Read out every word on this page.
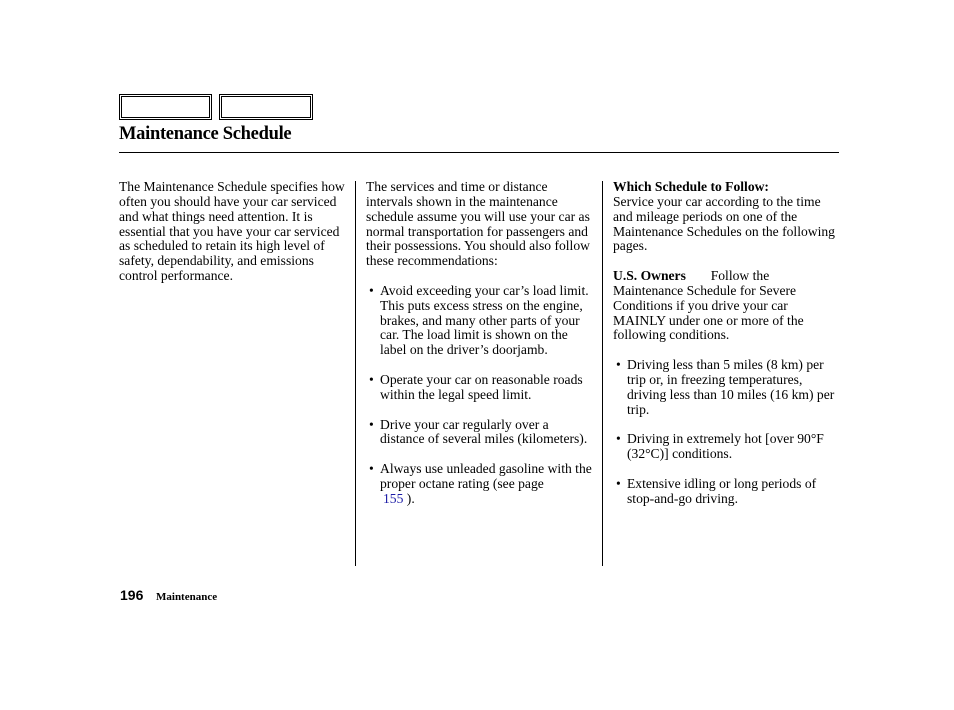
Maintenance Schedule

The Maintenance Schedule specifies how often you should have your car serviced and what things need attention. It is essential that you have your car serviced as scheduled to retain its high level of safety, dependability, and emissions control performance.

The services and time or distance intervals shown in the maintenance schedule assume you will use your car as normal transportation for passengers and their possessions. You should also follow these recommendations:

• Avoid exceeding your car’s load limit. This puts excess stress on the engine, brakes, and many other parts of your car. The load limit is shown on the label on the driver’s doorjamb.
• Operate your car on reasonable roads within the legal speed limit.
• Drive your car regularly over a distance of several miles (kilometers).
• Always use unleaded gasoline with the proper octane rating (see page
155 ).

Which Schedule to Follow:
Service your car according to the time and mileage periods on one of the Maintenance Schedules on the following pages.

U.S. Owners Follow the Maintenance Schedule for Severe Conditions if you drive your car MAINLY under one or more of the following conditions.

• Driving less than 5 miles (8 km) per trip or, in freezing temperatures, driving less than 10 miles (16 km) per trip.
• Driving in extremely hot [over 90°F (32°C)] conditions.
• Extensive idling or long periods of stop-and-go driving.
196 Maintenance
